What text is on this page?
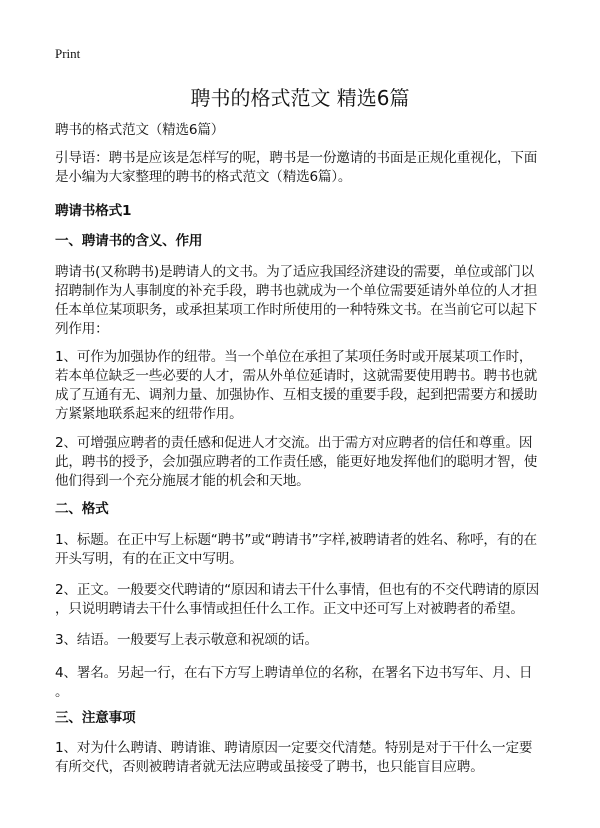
Print
聘书的格式范文 精选6篇
聘书的格式范文（精选6篇）
引导语：聘书是应该是怎样写的呢，聘书是一份邀请的书面是正规化重视化，下面
是小编为大家整理的聘书的格式范文（精选6篇）。
聘请书格式1
一、聘请书的含义、作用
聘请书(又称聘书)是聘请人的文书。为了适应我国经济建设的需要，单位或部门以
招聘制作为人事制度的补充手段，聘书也就成为一个单位需要延请外单位的人才担
任本单位某项职务，或承担某项工作时所使用的一种特殊文书。在当前它可以起下
列作用：
1、可作为加强协作的纽带。当一个单位在承担了某项任务时或开展某项工作时，
若本单位缺乏一些必要的人才，需从外单位延请时，这就需要使用聘书。聘书也就
成了互通有无、调剂力量、加强协作、互相支援的重要手段，起到把需要方和援助
方紧紧地联系起来的纽带作用。
2、可增强应聘者的责任感和促进人才交流。出于需方对应聘者的信任和尊重。因
此，聘书的授予，会加强应聘者的工作责任感，能更好地发挥他们的聪明才智，使
他们得到一个充分施展才能的机会和天地。
二、格式
1、标题。在正中写上标题“聘书”或“聘请书”字样,被聘请者的姓名、称呼，有的在
开头写明，有的在正文中写明。
2、正文。一般要交代聘请的“原因和请去干什么事情，但也有的不交代聘请的原因
，只说明聘请去干什么事情或担任什么工作。正文中还可写上对被聘者的希望。
3、结语。一般要写上表示敬意和祝颂的话。
4、署名。另起一行，在右下方写上聘请单位的名称，在署名下边书写年、月、日
。
三、注意事项
1、对为什么聘请、聘请谁、聘请原因一定要交代清楚。特别是对于干什么一定要
有所交代，否则被聘请者就无法应聘或虽接受了聘书，也只能盲目应聘。
